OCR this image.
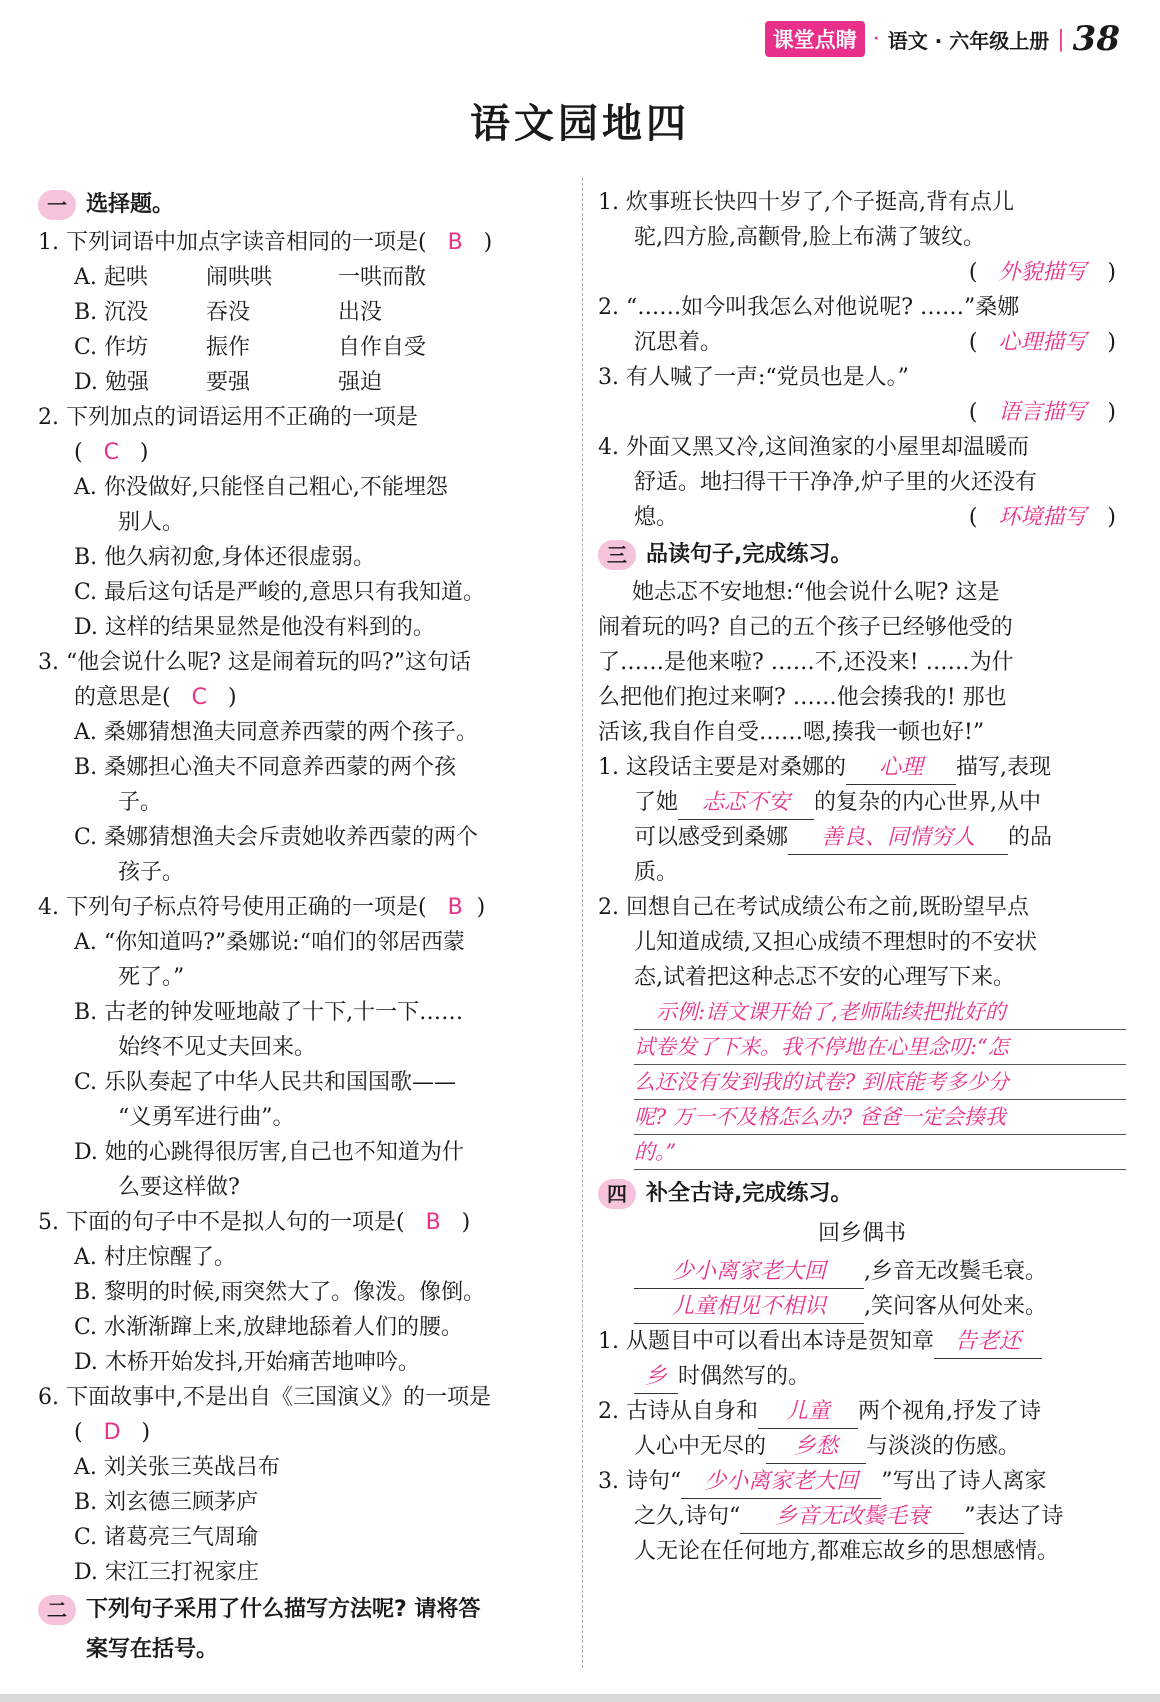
课堂点睛 · 语文 · 六年级上册 | 38
语文园地四
一 选择题。
1. 下列词语中加点字读音相同的一项是( B )
A. 起哄	闹哄哄	一哄而散
B. 沉没	吞没	出没
C. 作坊	振作	自作自受
D. 勉强	要强	强迫
2. 下列加点的词语运用不正确的一项是
(   C   )
A. 你没做好,只能怪自己粗心,不能埋怨
别人。
B. 他久病初愈,身体还很虚弱。
C. 最后这句话是严峻的,意思只有我知道。
D. 这样的结果显然是他没有料到的。
3. “他会说什么呢? 这是闹着玩的吗?”这句话
的意思是( C )
A. 桑娜猜想渔夫同意养西蒙的两个孩子。
B. 桑娜担心渔夫不同意养西蒙的两个孩
子。
C. 桑娜猜想渔夫会斥责她收养西蒙的两个
孩子。
4. 下列句子标点符号使用正确的一项是( B )
A. “你知道吗?”桑娜说:“咱们的邻居西蒙
死了。”
B. 古老的钟发哑地敲了十下,十一下……
始终不见丈夫回来。
C. 乐队奏起了中华人民共和国国歌——
“义勇军进行曲”。
D. 她的心跳得很厉害,自己也不知道为什
么要这样做?
5. 下面的句子中不是拟人句的一项是( B )
A. 村庄惊醒了。
B. 黎明的时候,雨突然大了。像泼。像倒。
C. 水渐渐蹿上来,放肆地舔着人们的腰。
D. 木桥开始发抖,开始痛苦地呻吟。
6. 下面故事中,不是出自《三国演义》的一项是
( D )
A. 刘关张三英战吕布
B. 刘玄德三顾茅庐
C. 诸葛亮三气周瑜
D. 宋江三打祝家庄
二 下列句子采用了什么描写方法呢? 请将答
案写在括号。
1. 炊事班长快四十岁了,个子挺高,背有点儿
驼,四方脸,高颧骨,脸上布满了皱纹。
( 外貌描写 )
2. “……如今叫我怎么对他说呢? ……”桑娜
沉思着。	( 心理描写 )
3. 有人喊了一声:“党员也是人。”
( 语言描写 )
4. 外面又黑又冷,这间渔家的小屋里却温暖而
舒适。地扫得干干净净,炉子里的火还没有
熄。	( 环境描写 )
三 品读句子,完成练习。
她忐忑不安地想:“他会说什么呢? 这是
闹着玩的吗? 自己的五个孩子已经够他受的
了……是他来啦? ……不,还没来! ……为什
么把他们抱过来啊? ……他会揍我的! 那也
活该,我自作自受……嗯,揍我一顿也好!”
1. 这段话主要是对桑娜的 心理 描写,表现
了她 忐忑不安 的复杂的内心世界,从中
可以感受到桑娜 善良、同情穷人 的品
质。
2. 回想自己在考试成绩公布之前,既盼望早点
儿知道成绩,又担心成绩不理想时的不安状
态,试着把这种忐忑不安的心理写下来。
示例:语文课开始了,老师陆续把批好的
试卷发了下来。我不停地在心里念叨:“怎
么还没有发到我的试卷? 到底能考多少分
呢? 万一不及格怎么办? 爸爸一定会揍我
的。”
四 补全古诗,完成练习。
回乡偶书
少小离家老大回 ,乡音无改鬓毛衰。
儿童相见不相识 ,笑问客从何处来。
1. 从题目中可以看出本诗是贺知章 告老还
乡 时偶然写的。
2. 古诗从自身和 儿童 两个视角,抒发了诗
人心中无尽的 乡愁 与淡淡的伤感。
3. 诗句“ 少小离家老大回 ”写出了诗人离家
之久,诗句“ 乡音无改鬓毛衰 ”表达了诗
人无论在任何地方,都难忘故乡的思想感情。
